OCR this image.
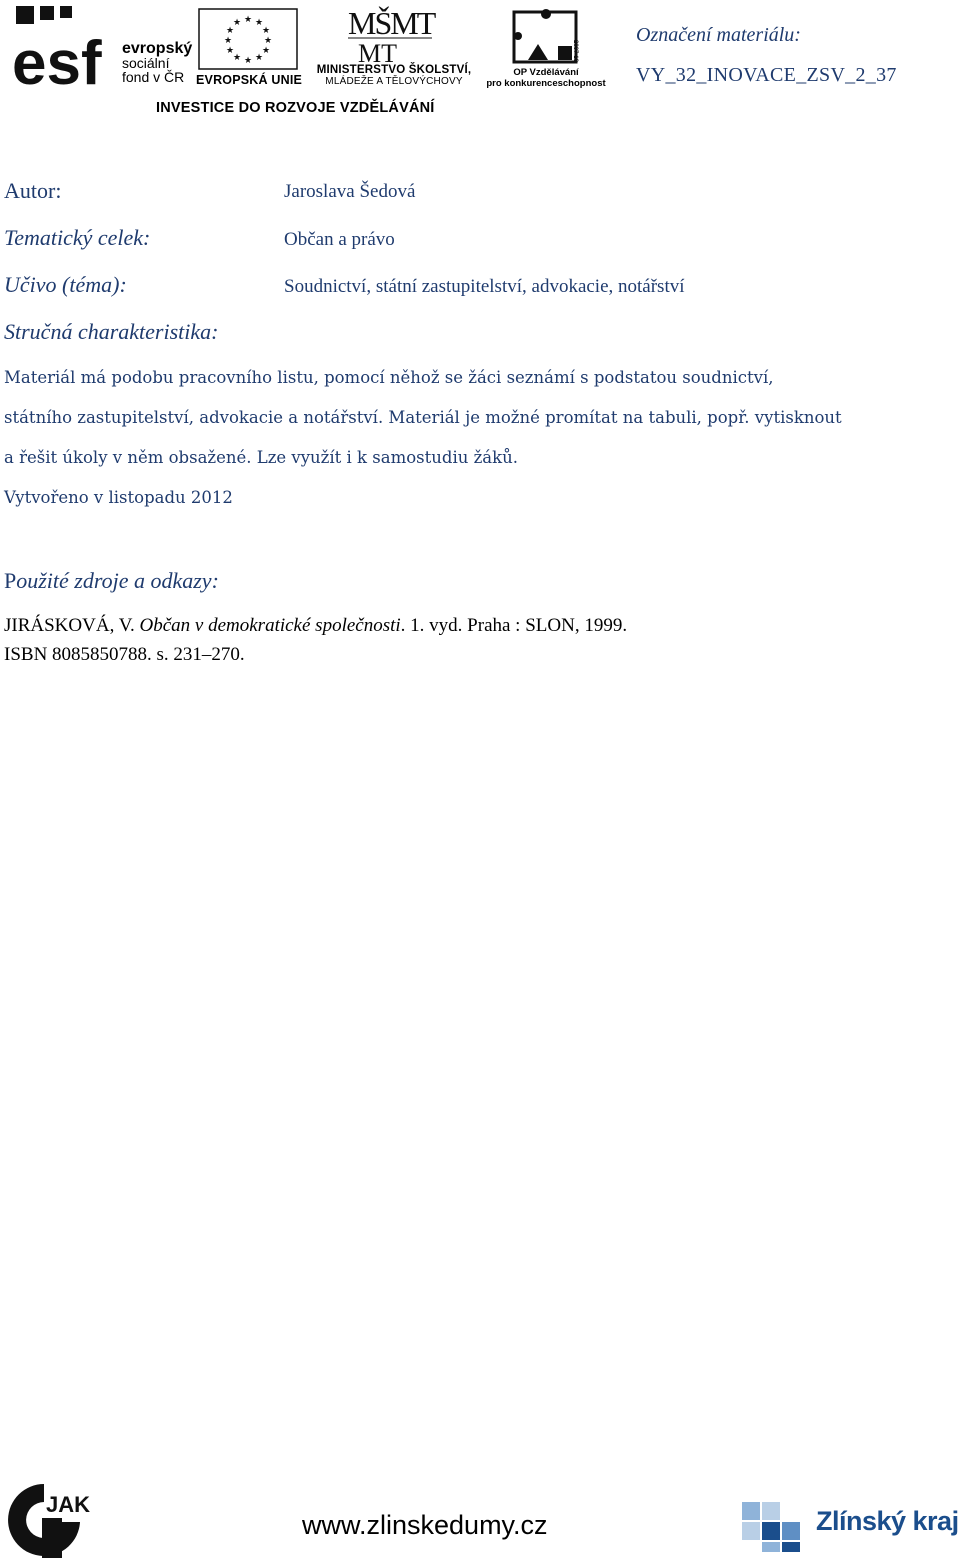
esf evropský
sociální
fond v ČR
★ ★
★
★
★
★
★
★
★
★
★
★
EVROPSKÁ UNIE
MŠMT
MT
MINISTERSTVO ŠKOLSTVÍ,
MLÁDEŽE A TĚLOVÝCHOVY
2007-13
OP Vzdělávání
pro konkurenceschopnost
INVESTICE DO ROZVOJE VZDĚLÁVÁNÍ
Označení materiálu:
VY_32_INOVACE_ZSV_2_37
Autor:	Jaroslava Šedová
Tematický celek:	Občan a právo
Učivo (téma):	Soudnictví, státní zastupitelství, advokacie, notářství
Stručná charakteristika:
Materiál má podobu pracovního listu, pomocí něhož se žáci seznámí s podstatou soudnictví,
státního zastupitelství, advokacie a notářství. Materiál je možné promítat na tabuli, popř. vytisknout
a řešit úkoly v něm obsažené. Lze využít i k samostudiu žáků.
Vytvořeno v listopadu 2012
Použité zdroje a odkazy:
JIRÁSKOVÁ, V. Občan v demokratické společnosti. 1. vyd. Praha : SLON, 1999.
ISBN 8085850788. s. 231–270.
JAK
www.zlinskedumy.cz	Zlínský kraj
